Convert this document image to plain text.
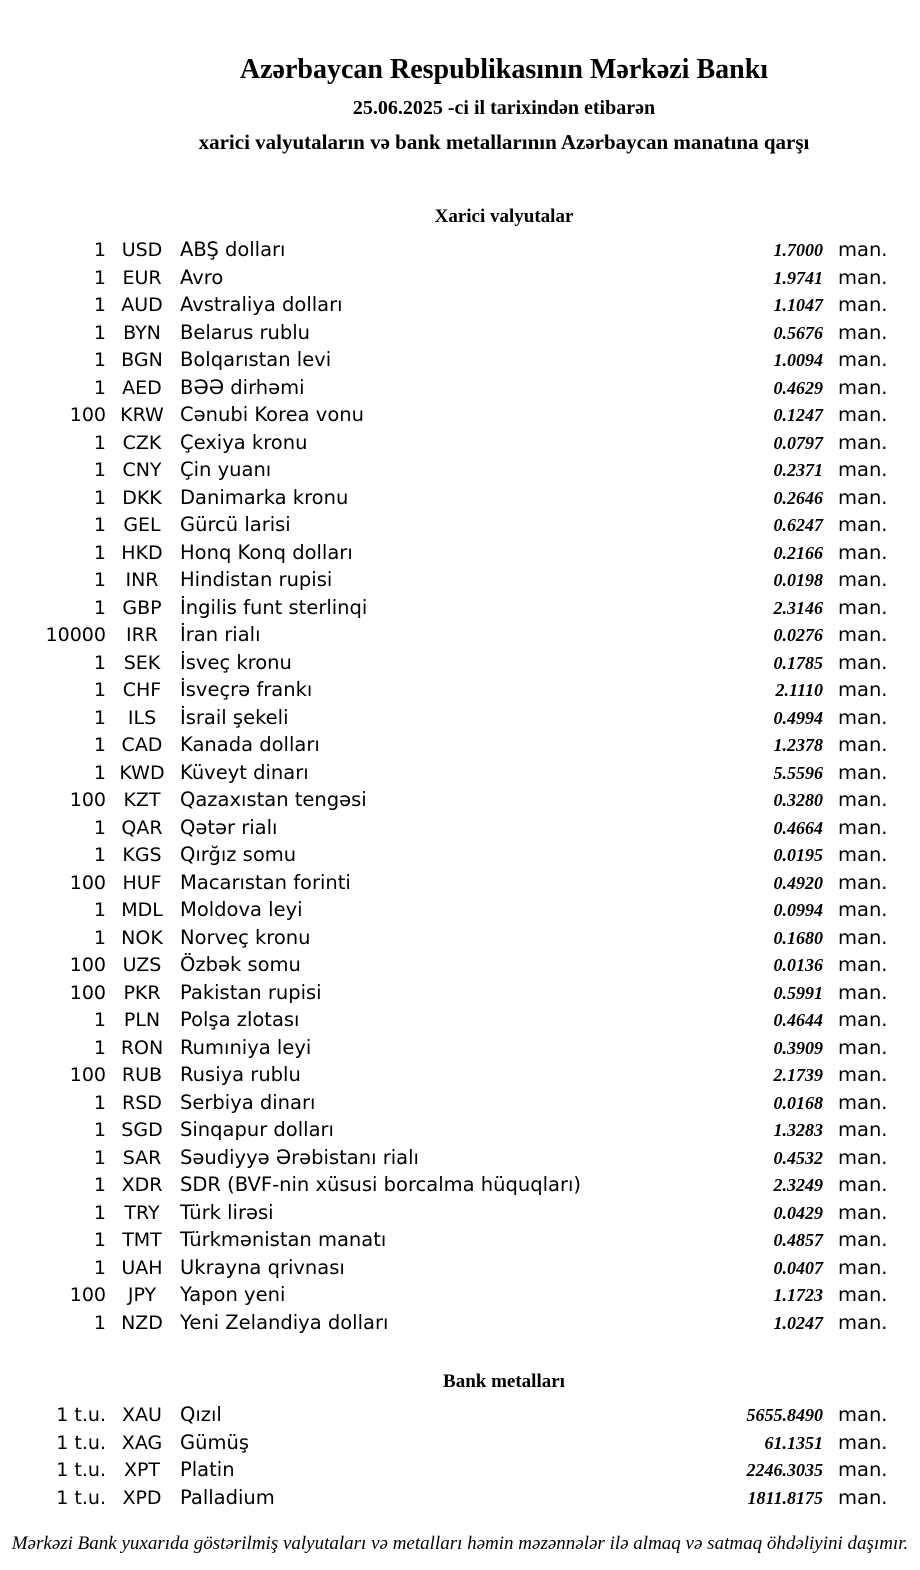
Azərbaycan Respublikasının Mərkəzi Bankı
25.06.2025 -ci il tarixindən etibarən
xarici valyutaların və bank metallarının Azərbaycan manatına qarşı
Xarici valyutalar
1 USD ABŞ dolları	1.7000 man.
1 EUR Avro	1.9741 man.
1 AUD Avstraliya dolları	1.1047 man.
1 BYN Belarus rublu	0.5676 man.
1 BGN Bolqarıstan levi	1.0094 man.
1 AED BƏƏ dirhəmi	0.4629 man.
100 KRW Cənubi Korea vonu	0.1247 man.
1 CZK Çexiya kronu	0.0797 man.
1 CNY Çin yuanı	0.2371 man.
1 DKK Danimarka kronu	0.2646 man.
1 GEL Gürcü larisi	0.6247 man.
1 HKD Honq Konq dolları	0.2166 man.
1	INR	Hindistan rupisi	0.0198 man.
1 GBP İngilis funt sterlinqi	2.3146 man.
10000	IRR	İran rialı	0.0276 man.
1 SEK	İsveç kronu	0.1785 man.
1 CHF İsveçrə frankı	2.1110 man.
1	ILS	İsrail şekeli	0.4994 man.
1 CAD Kanada dolları	1.2378 man.
1 KWD Küveyt dinarı	5.5596 man.
100 KZT Qazaxıstan tengəsi	0.3280 man.
1 QAR Qətər rialı	0.4664 man.
1 KGS Qırğız somu	0.0195 man.
100 HUF Macarıstan forinti	0.4920 man.
1 MDL Moldova leyi	0.0994 man.
1 NOK Norveç kronu	0.1680 man.
100 UZS Özbək somu	0.0136 man.
100 PKR Pakistan rupisi	0.5991 man.
1 PLN	Polşa zlotası	0.4644 man.
1 RON Rumıniya leyi	0.3909 man.
100 RUB Rusiya rublu	2.1739 man.
1 RSD Serbiya dinarı	0.0168 man.
1 SGD Sinqapur dolları	1.3283 man.
1 SAR Səudiyyə Ərəbistanı rialı	0.4532 man.
1 XDR SDR (BVF-nin xüsusi borcalma hüquqları)	2.3249 man.
1 TRY	Türk lirəsi	0.0429 man.
1 TMT Türkmənistan manatı	0.4857 man.
1 UAH Ukrayna qrivnası	0.0407 man.
100	JPY	Yapon yeni	1.1723 man.
1 NZD Yeni Zelandiya dolları	1.0247 man.
Bank metalları
1 t.u. XAU Qızıl	5655.8490 man.
1 t.u. XAG Gümüş	61.1351 man.
1 t.u. XPT	Platin	2246.3035 man.
1 t.u. XPD Palladium	1811.8175 man.
Mərkəzi Bank yuxarıda göstərilmiş valyutaları və metalları həmin məzənnələr ilə almaq və satmaq öhdəliyini daşımır.
